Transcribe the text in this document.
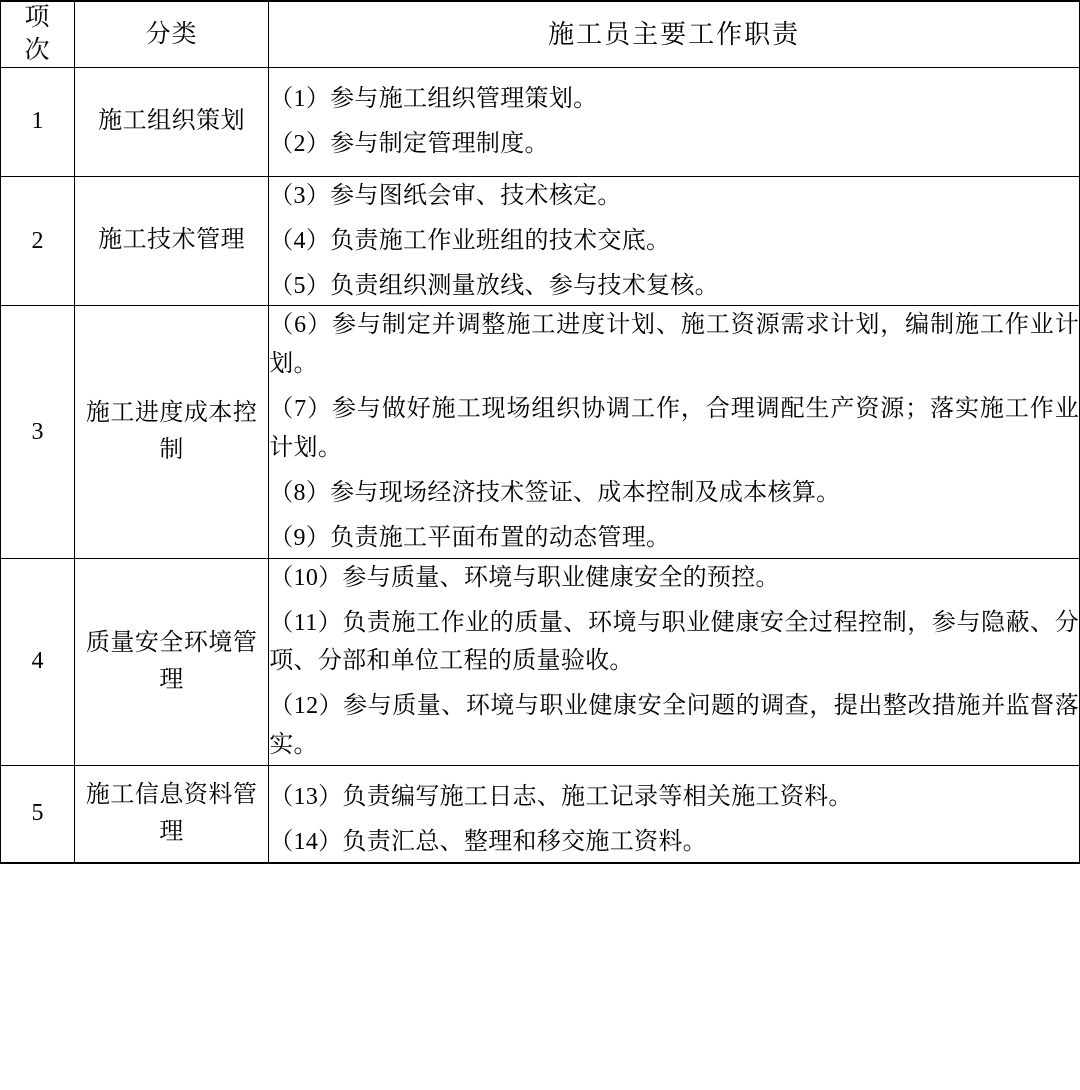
项
次	分类	施工员主要工作职责
1	施工组织策划	（1）参与施工组织管理策划。

（2）参与制定管理制度。

2	施工技术管理	（3）参与图纸会审、技术核定。

（4）负责施工作业班组的技术交底。

（5）负责组织测量放线、参与技术复核。

3	施工进度成本控制	（6）参与制定并调整施工进度计划、施工资源需求计划，编制施工作业计划。

（7）参与做好施工现场组织协调工作，合理调配生产资源；落实施工作业计划。

（8）参与现场经济技术签证、成本控制及成本核算。

（9）负责施工平面布置的动态管理。

4	质量安全环境管理	（10）参与质量、环境与职业健康安全的预控。

（11）负责施工作业的质量、环境与职业健康安全过程控制，参与隐蔽、分项、分部和单位工程的质量验收。

（12）参与质量、环境与职业健康安全问题的调查，提出整改措施并监督落实。

5	施工信息资料管理	（13）负责编写施工日志、施工记录等相关施工资料。

（14）负责汇总、整理和移交施工资料。
